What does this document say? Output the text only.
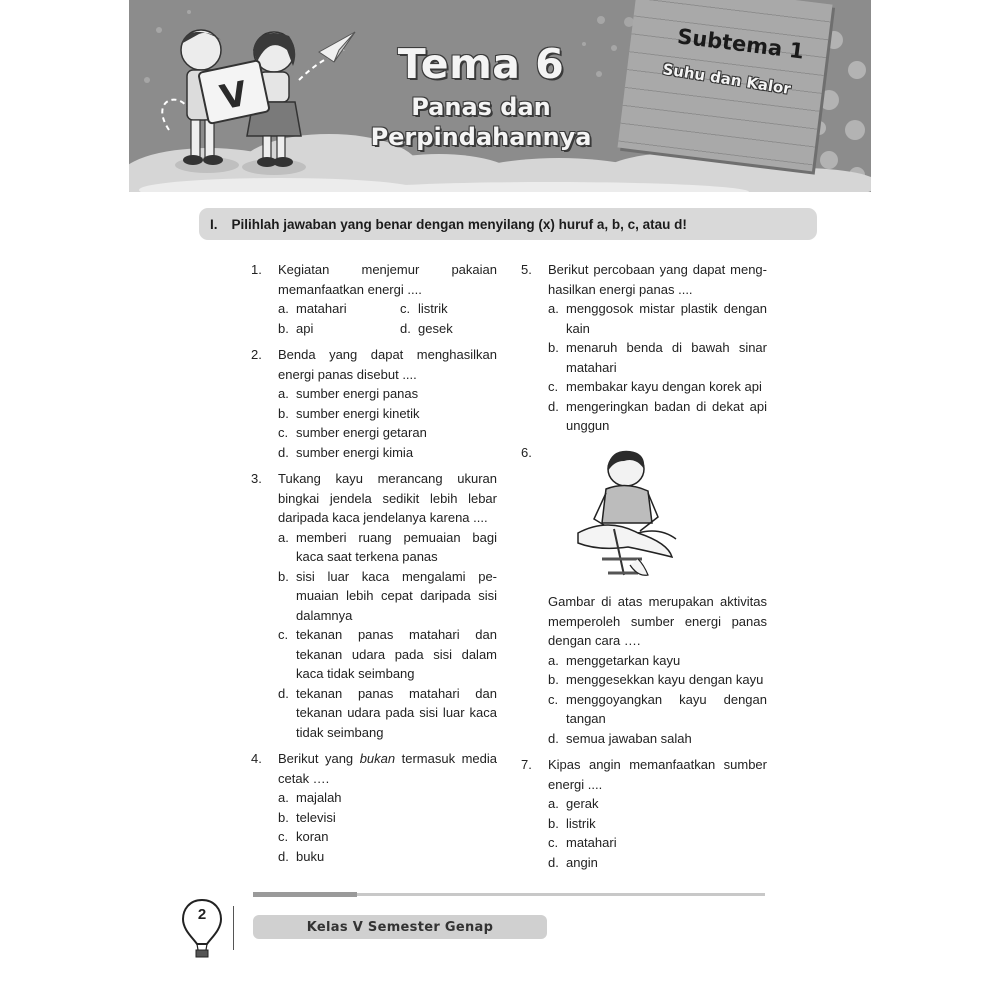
V
Subtema 1
Suhu dan Kalor
Tema 6
Panas dan Perpindahannya
I. Pilihlah jawaban yang benar dengan menyilang (x) huruf a, b, c, atau d!
1. Kegiatan menjemur pakaian memanfaatkan energi ....
a. matahari	c. listrik
b. api	d. gesek
2. Benda yang dapat menghasilkan energi panas disebut ....
a. sumber energi panas
b. sumber energi kinetik
c. sumber energi getaran
d. sumber energi kimia
3. Tukang kayu merancang ukuran bingkai jendela sedikit lebih lebar daripada kaca jendelanya karena ....
a. memberi ruang pemuaian bagi kaca saat terkena panas
b. sisi luar kaca mengalami pe-muaian lebih cepat daripada sisi dalamnya
c. tekanan panas matahari dan tekanan udara pada sisi dalam kaca tidak seimbang
d. tekanan panas matahari dan tekanan udara pada sisi luar kaca tidak seimbang
4. Berikut yang bukan termasuk media cetak ….
a. majalah
b. televisi
c. koran
d. buku
5. Berikut percobaan yang dapat meng-hasilkan energi panas ....
a. menggosok mistar plastik dengan kain
b. menaruh benda di bawah sinar matahari
c. membakar kayu dengan korek api
d. mengeringkan badan di dekat api unggun
6.
Gambar di atas merupakan aktivitas memperoleh sumber energi panas dengan cara ….
a. menggetarkan kayu
b. menggesekkan kayu dengan kayu
c. menggoyangkan kayu dengan tangan
d. semua jawaban salah
7. Kipas angin memanfaatkan sumber energi ....
a. gerak
b. listrik
c. matahari
d. angin
2
Kelas V Semester Genap
